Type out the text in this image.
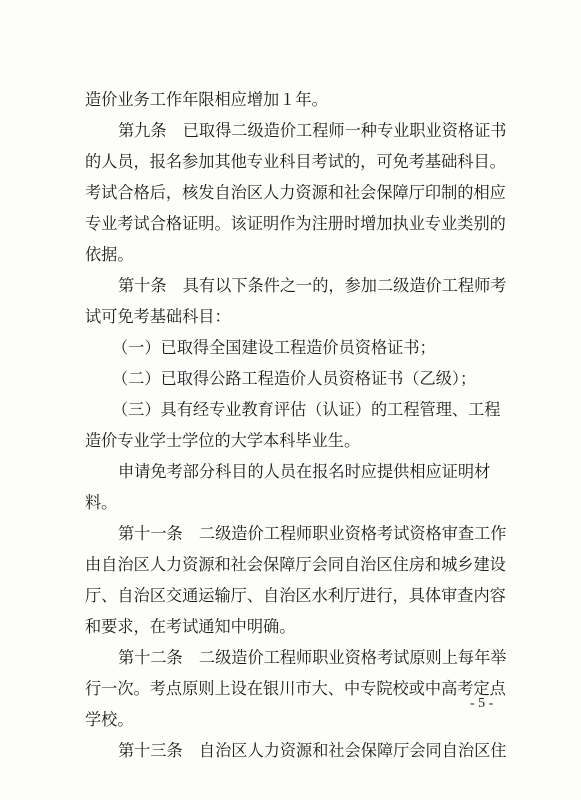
造价业务工作年限相应增加１年。

第九条　已取得二级造价工程师一种专业职业资格证书

的人员，报名参加其他专业科目考试的，可免考基础科目。

考试合格后，核发自治区人力资源和社会保障厅印制的相应

专业考试合格证明。该证明作为注册时增加执业专业类别的

依据。

第十条　具有以下条件之一的，参加二级造价工程师考

试可免考基础科目：

（一）已取得全国建设工程造价员资格证书；

（二）已取得公路工程造价人员资格证书（乙级）；

（三）具有经专业教育评估（认证）的工程管理、工程

造价专业学士学位的大学本科毕业生。

申请免考部分科目的人员在报名时应提供相应证明材

料。

第十一条　二级造价工程师职业资格考试资格审查工作

由自治区人力资源和社会保障厅会同自治区住房和城乡建设

厅、自治区交通运输厅、自治区水利厅进行，具体审查内容

和要求，在考试通知中明确。

第十二条　二级造价工程师职业资格考试原则上每年举

行一次。考点原则上设在银川市大、中专院校或中高考定点

学校。

第十三条　自治区人力资源和社会保障厅会同自治区住

- 5 -
